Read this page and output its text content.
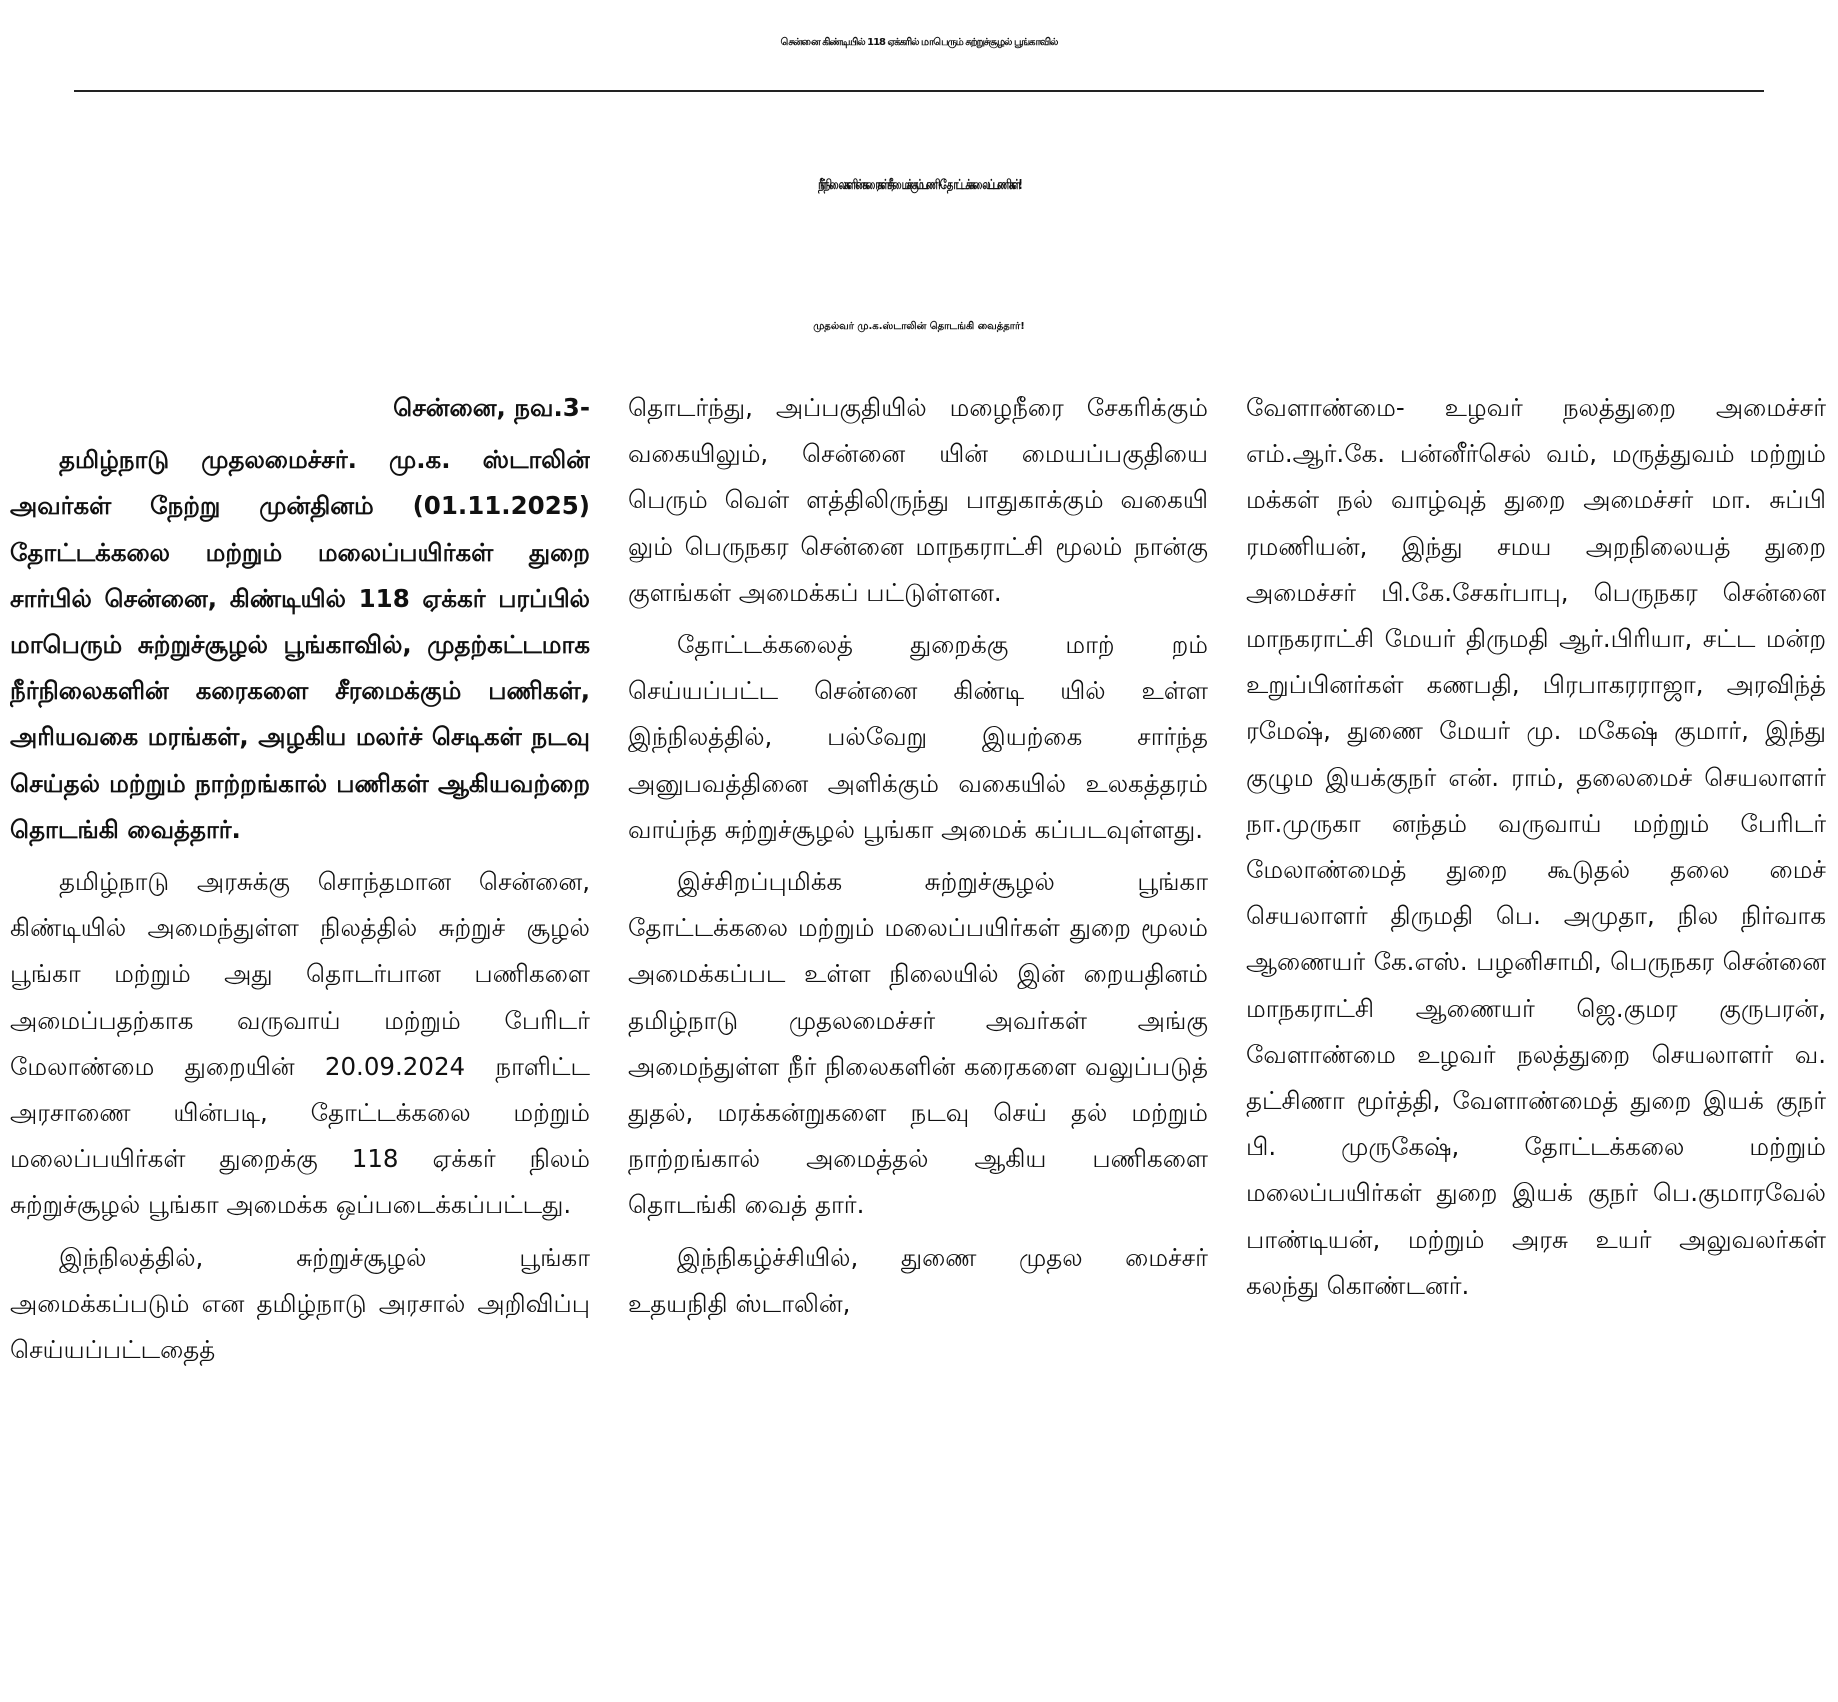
சென்னை கிண்டியில் 118 ஏக்கரில் மாபெரும் சுற்றுச்சூழல் பூங்காவில்
நீர்நிலைகளின் கரைகள் சீரமைக்கும் பணி - தோட்டக் கலைப் பணிகள்!
முதல்வர் மு.க.ஸ்டாலின் தொடங்கி வைத்தார்!

சென்னை, நவ.3-

தமிழ்நாடு முதலமைச்சர். மு.க. ஸ்டாலின் அவர்கள் நேற்று முன்தினம் (01.11.2025) தோட்டக்கலை மற்றும் மலைப்பயிர்கள் துறை சார்பில் சென்னை, கிண்டியில் 118 ஏக்கர் பரப்பில் மாபெரும் சுற்றுச்சூழல் பூங்காவில், முதற்கட்டமாக நீர்நிலைகளின் கரைகளை சீரமைக்கும் பணிகள், அரியவகை மரங்கள், அழகிய மலர்ச் செடிகள் நடவு செய்தல் மற்றும் நாற்றங்கால் பணிகள் ஆகியவற்றை தொடங்கி வைத்தார்.

தமிழ்நாடு அரசுக்கு சொந்தமான சென்னை, கிண்டியில் அமைந்துள்ள நிலத்தில் சுற்றுச் சூழல் பூங்கா மற்றும் அது தொடர்பான பணிகளை அமைப்பதற்காக வருவாய் மற்றும் பேரிடர் மேலாண்மை துறையின் 20.09.2024 நாளிட்ட அரசாணை யின்படி, தோட்டக்கலை மற்றும் மலைப்பயிர்கள் துறைக்கு 118 ஏக்கர் நிலம் சுற்றுச்சூழல் பூங்கா அமைக்க ஒப்படைக்கப்பட்டது.

இந்நிலத்தில், சுற்றுச்சூழல் பூங்கா அமைக்கப்படும் என தமிழ்நாடு அரசால் அறிவிப்பு செய்யப்பட்டதைத்

தொடர்ந்து, அப்பகுதியில் மழைநீரை சேகரிக்கும் வகையிலும், சென்னை யின் மையப்பகுதியை பெரும் வெள் ளத்திலிருந்து பாதுகாக்கும் வகையி லும் பெருநகர சென்னை மாநகராட்சி மூலம் நான்கு குளங்கள் அமைக்கப் பட்டுள்ளன.

தோட்டக்கலைத் துறைக்கு மாற் றம் செய்யப்பட்ட சென்னை கிண்டி யில் உள்ள இந்நிலத்தில், பல்வேறு இயற்கை சார்ந்த அனுபவத்தினை அளிக்கும் வகையில் உலகத்தரம் வாய்ந்த சுற்றுச்சூழல் பூங்கா அமைக் கப்படவுள்ளது.

இச்சிறப்புமிக்க சுற்றுச்சூழல் பூங்கா தோட்டக்கலை மற்றும் மலைப்பயிர்கள் துறை மூலம் அமைக்கப்பட உள்ள நிலையில் இன் றையதினம் தமிழ்நாடு முதலமைச்சர் அவர்கள் அங்கு அமைந்துள்ள நீர் நிலைகளின் கரைகளை வலுப்படுத் துதல், மரக்கன்றுகளை நடவு செய் தல் மற்றும் நாற்றங்கால் அமைத்தல் ஆகிய பணிகளை தொடங்கி வைத் தார்.

இந்நிகழ்ச்சியில், துணை முதல மைச்சர் உதயநிதி ஸ்டாலின்,

வேளாண்மை- உழவர் நலத்துறை அமைச்சர் எம்.ஆர்.கே. பன்னீர்செல் வம், மருத்துவம் மற்றும் மக்கள் நல் வாழ்வுத் துறை அமைச்சர் மா. சுப்பி ரமணியன், இந்து சமய அறநிலையத் துறை அமைச்சர் பி.கே.சேகர்பாபு, பெருநகர சென்னை மாநகராட்சி மேயர் திருமதி ஆர்.பிரியா, சட்ட மன்ற உறுப்பினர்கள் கணபதி, பிரபாகரராஜா, அரவிந்த் ரமேஷ், துணை மேயர் மு. மகேஷ் குமார், இந்து குழும இயக்குநர் என். ராம், தலைமைச் செயலாளர் நா.முருகா னந்தம் வருவாய் மற்றும் பேரிடர் மேலாண்மைத் துறை கூடுதல் தலை மைச் செயலாளர் திருமதி பெ. அமுதா, நில நிர்வாக ஆணையர் கே.எஸ். பழனிசாமி, பெருநகர சென்னை மாநகராட்சி ஆணையர் ஜெ.குமர குருபரன், வேளாண்மை உழவர் நலத்துறை செயலாளர் வ. தட்சிணா மூர்த்தி, வேளாண்மைத் துறை இயக் குநர் பி. முருகேஷ், தோட்டக்கலை மற்றும் மலைப்பயிர்கள் துறை இயக் குநர் பெ.குமாரவேல் பாண்டியன், மற்றும் அரசு உயர் அலுவலர்கள் கலந்து கொண்டனர்.
